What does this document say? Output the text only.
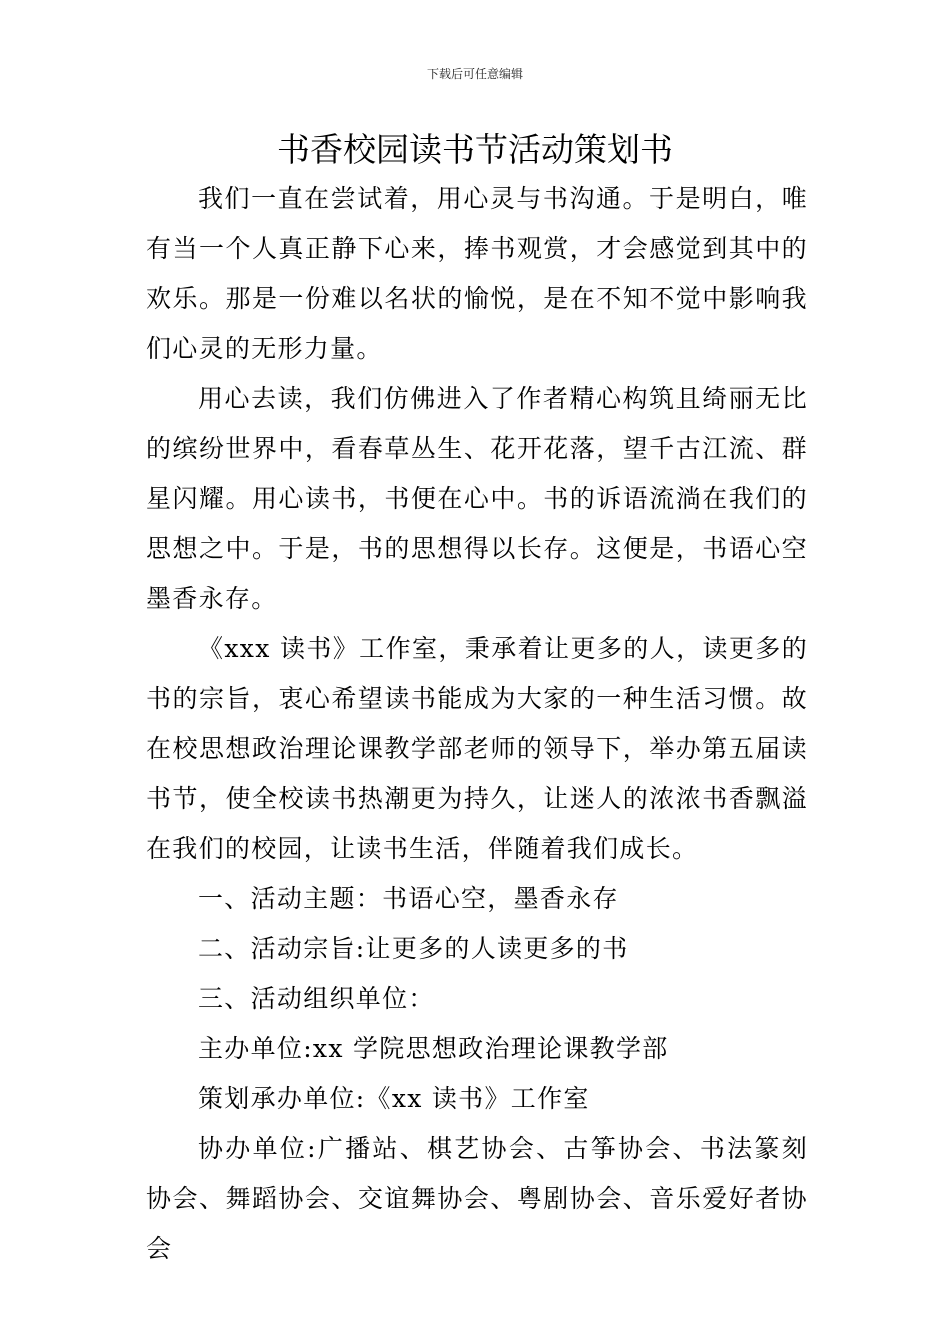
下载后可任意编辑
书香校园读书节活动策划书

我们一直在尝试着，用心灵与书沟通。于是明白，唯有当一个人真正静下心来，捧书观赏，才会感觉到其中的欢乐。那是一份难以名状的愉悦，是在不知不觉中影响我们心灵的无形力量。

用心去读，我们仿佛进入了作者精心构筑且绮丽无比的缤纷世界中，看春草丛生、花开花落，望千古江流、群星闪耀。用心读书，书便在心中。书的诉语流淌在我们的思想之中。于是，书的思想得以长存。这便是，书语心空墨香永存。

《xxx 读书》工作室，秉承着让更多的人，读更多的书的宗旨，衷心希望读书能成为大家的一种生活习惯。故在校思想政治理论课教学部老师的领导下，举办第五届读书节，使全校读书热潮更为持久，让迷人的浓浓书香飘溢在我们的校园，让读书生活，伴随着我们成长。

一、活动主题：书语心空，墨香永存

二、活动宗旨:让更多的人读更多的书

三、活动组织单位：

主办单位:xx 学院思想政治理论课教学部

策划承办单位:《xx 读书》工作室

协办单位:广播站、棋艺协会、古筝协会、书法篆刻协会、舞蹈协会、交谊舞协会、粤剧协会、音乐爱好者协会
